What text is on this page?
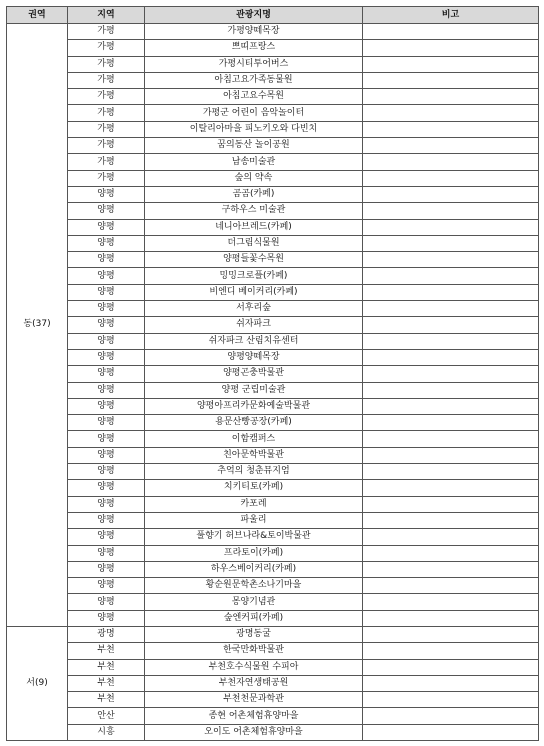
권역	지역	관광지명	비고
동(37)	가평	가평양떼목장	
	가평	쁘띠프랑스	
	가평	가평시티투어버스	
	가평	아침고요가족동물원	
	가평	아침고요수목원	
	가평	가평군 어린이 음악놀이터	
	가평	이탈리아마을 피노키오와 다빈치	
	가평	꿈의동산 놀이공원	
	가평	남송미술관	
	가평	숲의 약속	
	양평	곰곰(카페)	
	양평	구하우스 미술관	
	양평	네니아브레드(카페)	
	양평	더그림식물원	
	양평	양평들꽃수목원	
	양평	밍밍크로플(카페)	
	양평	비엔디 베이커리(카페)	
	양평	서후리숲	
	양평	쉬자파크	
	양평	쉬자파크 산림치유센터	
	양평	양평양떼목장	
	양평	양평곤충박물관	
	양평	양평 군립미술관	
	양평	양평아프리카문화예술박물관	
	양평	용문산빵공장(카페)	
	양평	이함캠퍼스	
	양평	친아문학박물관	
	양평	추억의 청춘뮤지엄	
	양평	치키티토(카페)	
	양평	카포레	
	양평	파울리	
	양평	풀향기 허브나라&토이박물관	
	양평	프라토이(카페)	
	양평	하우스베이커리(카페)	
	양평	황순원문학촌소나기마을	
	양평	몽양기념관	
	양평	숲엔커피(카페)	
서(9)	광명	광명동굴	
	부천	한국만화박물관	
	부천	부천호수식물원 수피아	
	부천	부천자연생태공원	
	부천	부천천문과학관	
	안산	종현 어촌체험휴양마을	
	시흥	오이도 어촌체험휴양마을	
